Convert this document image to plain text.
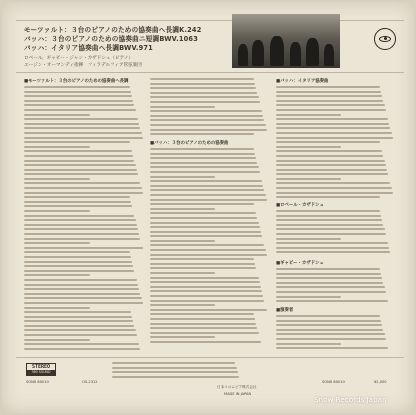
モーツァルト：３台のピアノのための協奏曲ヘ長調K.242
バッハ：３台のピアノのための協奏曲ニ短調BWV.1063
バッハ：イタリア協奏曲ヘ長調BWV.971
ロベール、ギャビー・ジャン・カザドシュ（ピアノ）
ユージン・オーマンディ指揮　フィラデルフィア管弦楽団
■モーツァルト：３台のピアノのための協奏曲ヘ長調
■バッハ：３台のピアノのための協奏曲
■バッハ：イタリア協奏曲
■ロベール・カザドシュ
■ギャビー・カザドシュ
■演奏者
STEREO
360 SOUND
SONX 60010	OS-2312
日本コロムビア株式会社
MADE IN JAPAN
SONX 60010	¥2,000
Snow Records Japan
